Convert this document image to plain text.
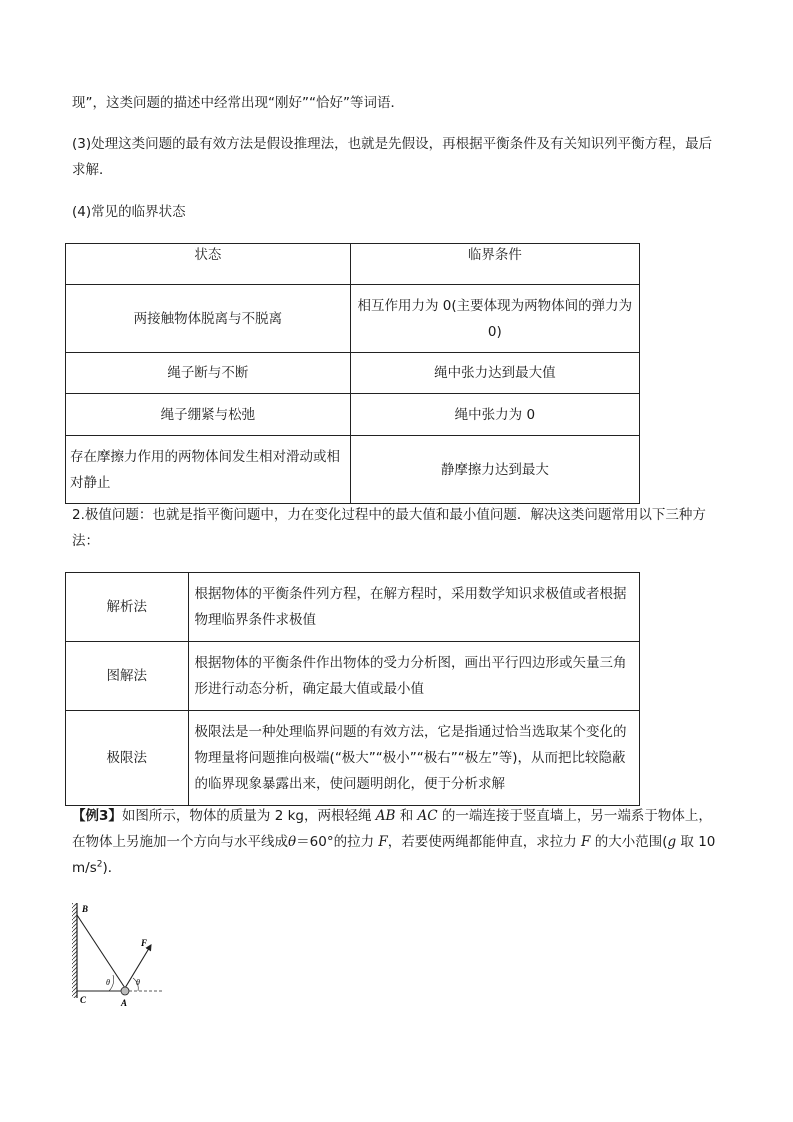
现”，这类问题的描述中经常出现“刚好”“恰好”等词语．

(3)处理这类问题的最有效方法是假设推理法，也就是先假设，再根据平衡条件及有关知识列平衡方程，最后求解．

(4)常见的临界状态

状态	临界条件
两接触物体脱离与不脱离	相互作用力为 0(主要体现为两物体间的弹力为 0)
绳子断与不断	绳中张力达到最大值
绳子绷紧与松弛	绳中张力为 0
存在摩擦力作用的两物体间发生相对滑动或相对静止	静摩擦力达到最大

2.极值问题：也就是指平衡问题中，力在变化过程中的最大值和最小值问题．解决这类问题常用以下三种方法：

解析法	根据物体的平衡条件列方程，在解方程时，采用数学知识求极值或者根据物理临界条件求极值
图解法	根据物体的平衡条件作出物体的受力分析图，画出平行四边形或矢量三角形进行动态分析，确定最大值或最小值
极限法	极限法是一种处理临界问题的有效方法，它是指通过恰当选取某个变化的物理量将问题推向极端(“极大”“极小”“极右”“极左”等)，从而把比较隐蔽的临界现象暴露出来，使问题明朗化，便于分析求解

【例3】如图所示，物体的质量为 2 kg，两根轻绳 AB 和 AC 的一端连接于竖直墙上，另一端系于物体上，在物体上另施加一个方向与水平线成θ＝60°的拉力 F，若要使两绳都能伸直，求拉力 F 的大小范围(g 取 10 $m/s^2$)．

B
C	A
F
θ	θ
